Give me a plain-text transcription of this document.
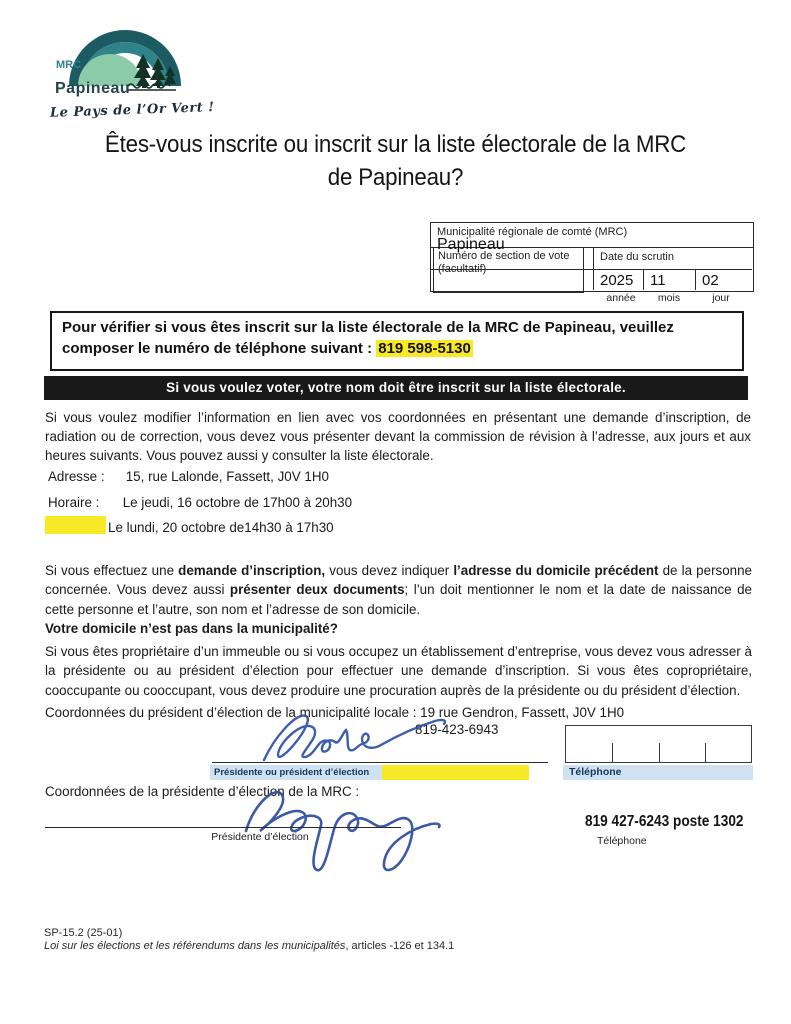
MRC
Papineau
Le Pays de l’Or Vert !
Êtes-vous inscrite ou inscrit sur la liste électorale de la MRC
de Papineau?
Municipalité régionale de comté (MRC)
Papineau
Numéro de section de vote
(facultatif)
Date du scrutin
2025 11 02
année	mois	jour
Pour vérifier si vous êtes inscrit sur la liste électorale de la MRC de Papineau, veuillez composer le numéro de téléphone suivant : 819 598-5130
Si vous voulez voter, votre nom doit être inscrit sur la liste électorale.
Si vous voulez modifier l’information en lien avec vos coordonnées en présentant une demande d’inscription, de radiation ou de correction, vous devez vous présenter devant la commission de révision à l’adresse, aux jours et aux heures suivants. Vous pouvez aussi y consulter la liste électorale.
Adresse : 15, rue Lalonde, Fassett, J0V 1H0
Horaire : Le jeudi, 16 octobre de 17h00 à 20h30
Le lundi, 20 octobre de14h30 à 17h30
Si vous effectuez une demande d’inscription, vous devez indiquer l’adresse du domicile précédent de la personne concernée. Vous devez aussi présenter deux documents; l’un doit mentionner le nom et la date de naissance de cette personne et l’autre, son nom et l’adresse de son domicile.
Votre domicile n’est pas dans la municipalité?
Si vous êtes propriétaire d’un immeuble ou si vous occupez un établissement d’entreprise, vous devez vous adresser à la présidente ou au président d’élection pour effectuer une demande d’inscription. Si vous êtes copropriétaire, cooccupante ou cooccupant, vous devez produire une procuration auprès de la présidente ou du président d’élection.
Coordonnées du président d’élection de la municipalité locale : 19 rue Gendron, Fassett, J0V 1H0
819-423-6943
Présidente ou président d’élection	Téléphone
Coordonnées de la présidente d’élection de la MRC :
Présidente d’élection
819 427-6243 poste 1302
Téléphone
SP-15.2 (25-01)
Loi sur les élections et les référendums dans les municipalités, articles -126 et 134.1
